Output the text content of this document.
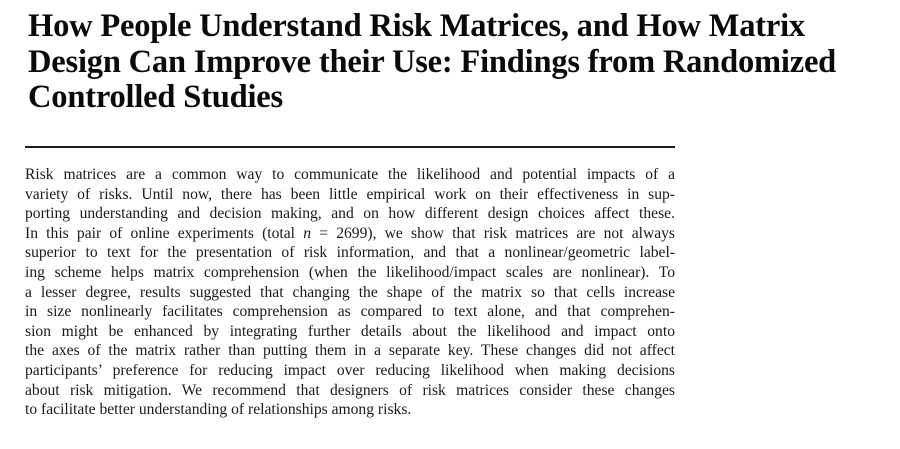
How People Understand Risk Matrices, and How Matrix
Design Can Improve their Use: Findings from Randomized
Controlled Studies
Risk matrices are a common way to communicate the likelihood and potential impacts of a
variety of risks. Until now, there has been little empirical work on their effectiveness in sup-
porting understanding and decision making, and on how different design choices affect these.
In this pair of online experiments (total n = 2699), we show that risk matrices are not always
superior to text for the presentation of risk information, and that a nonlinear/geometric label-
ing scheme helps matrix comprehension (when the likelihood/impact scales are nonlinear). To
a lesser degree, results suggested that changing the shape of the matrix so that cells increase
in size nonlinearly facilitates comprehension as compared to text alone, and that comprehen-
sion might be enhanced by integrating further details about the likelihood and impact onto
the axes of the matrix rather than putting them in a separate key. These changes did not affect
participants’ preference for reducing impact over reducing likelihood when making decisions
about risk mitigation. We recommend that designers of risk matrices consider these changes
to facilitate better understanding of relationships among risks.
